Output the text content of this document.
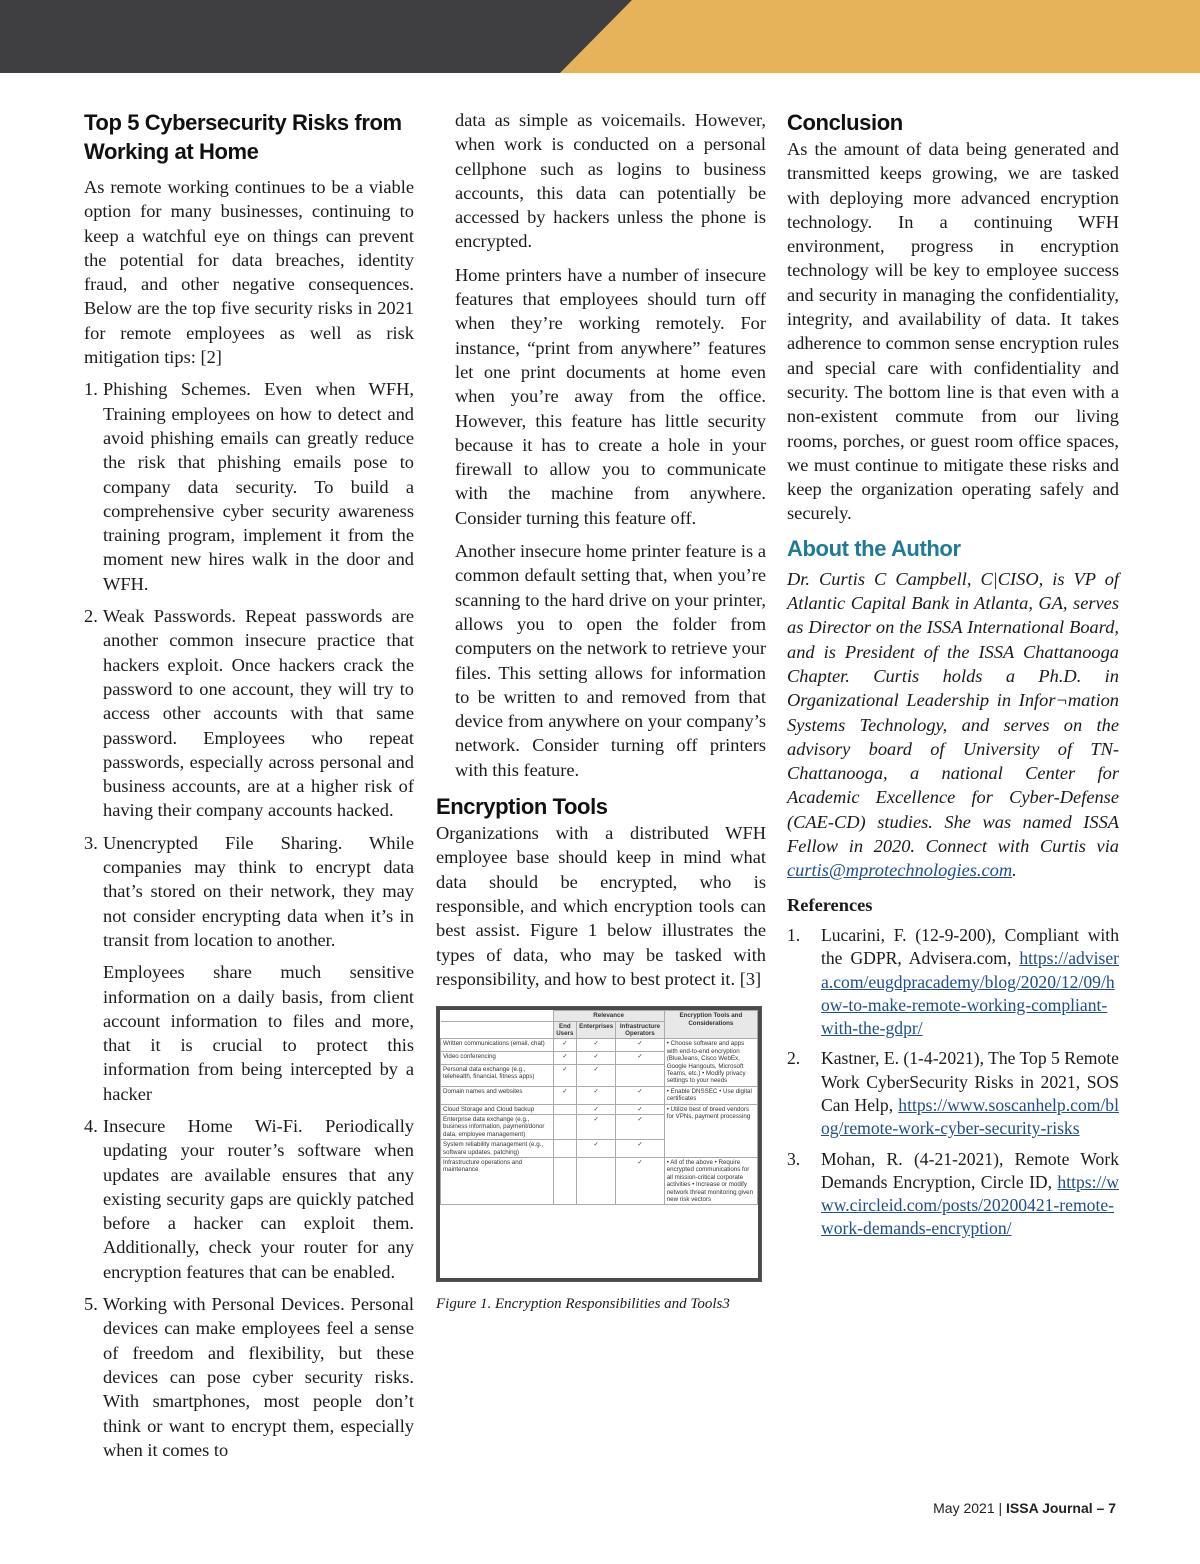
Top 5 Cybersecurity Risks from Working at Home

As remote working continues to be a viable option for many businesses, continuing to keep a watchful eye on things can prevent the potential for data breaches, identity fraud, and other negative consequences. Below are the top five security risks in 2021 for remote employees as well as risk mitigation tips: [2]

1. Phishing Schemes. Even when WFH, Training employees on how to detect and avoid phishing emails can greatly reduce the risk that phishing emails pose to company data security. To build a comprehensive cyber security awareness training program, implement it from the moment new hires walk in the door and WFH.
2. Weak Passwords. Repeat passwords are another common insecure practice that hackers exploit. Once hackers crack the password to one account, they will try to access other accounts with that same password. Employees who repeat passwords, especially across personal and business accounts, are at a higher risk of having their company accounts hacked.
3. Unencrypted File Sharing. While companies may think to encrypt data that’s stored on their network, they may not consider encrypting data when it’s in transit from location to another.

Employees share much sensitive information on a daily basis, from client account information to files and more, that it is crucial to protect this information from being intercepted by a hacker

4. Insecure Home Wi-Fi. Periodically updating your router’s software when updates are available ensures that any existing security gaps are quickly patched before a hacker can exploit them. Additionally, check your router for any encryption features that can be enabled.
5. Working with Personal Devices. Personal devices can make employees feel a sense of freedom and flexibility, but these devices can pose cyber security risks. With smartphones, most people don’t think or want to encrypt them, especially when it comes to

data as simple as voicemails. However, when work is conducted on a personal cellphone such as logins to business accounts, this data can potentially be accessed by hackers unless the phone is encrypted.

Home printers have a number of insecure features that employees should turn off when they’re working remotely. For instance, “print from anywhere” features let one print documents at home even when you’re away from the office. However, this feature has little security because it has to create a hole in your firewall to allow you to communicate with the machine from anywhere. Consider turning this feature off.

Another insecure home printer feature is a common default setting that, when you’re scanning to the hard drive on your printer, allows you to open the folder from computers on the network to retrieve your files. This setting allows for information to be written to and removed from that device from anywhere on your company’s network. Consider turning off printers with this feature.

Encryption Tools

Organizations with a distributed WFH employee base should keep in mind what data should be encrypted, who is responsible, and which encryption tools can best assist. Figure 1 below illustrates the types of data, who may be tasked with responsibility, and how to best protect it. [3]

	Relevance			Encryption Tools and Considerations
	End Users	Enterprises	Infrastructure Operators	
Written communications (email, chat)	✓	✓	✓	• Choose software and apps with end-to-end encryption (BlueJeans, Cisco WebEx, Google Hangouts, Microsoft Teams, etc.) • Modify privacy settings to your needs
Video conferencing	✓	✓	✓	
Personal data exchange (e.g., telehealth, financial, fitness apps)	✓	✓		
Domain names and websites	✓	✓	✓	• Enable DNSSEC • Use digital certificates
Cloud Storage and Cloud backup		✓	✓	• Utilize best of breed vendors for VPNs, payment processing
Enterprise data exchange (e.g., business information, payment/donor data, employee management)		✓	✓	
System reliability management (e.g., software updates, patching)		✓	✓	
Infrastructure operations and maintenance			✓	• All of the above • Require encrypted communications for all mission-critical corporate activities • Increase or modify network threat monitoring given new risk vectors
Figure 1. Encryption Responsibilities and Tools3
Conclusion

As the amount of data being generated and transmitted keeps growing, we are tasked with deploying more advanced encryption technology. In a continuing WFH environment, progress in encryption technology will be key to employee success and security in managing the confidentiality, integrity, and availability of data. It takes adherence to common sense encryption rules and special care with confidentiality and security. The bottom line is that even with a non-existent commute from our living rooms, porches, or guest room office spaces, we must continue to mitigate these risks and keep the organization operating safely and securely.

About the Author

Dr. Curtis C Campbell, C|CISO, is VP of Atlantic Capital Bank in Atlanta, GA, serves as Director on the ISSA International Board, and is President of the ISSA Chattanooga Chapter. Curtis holds a Ph.D. in Organizational Leadership in Infor¬mation Systems Technology, and serves on the advisory board of University of TN-Chattanooga, a national Center for Academic Excellence for Cyber-Defense (CAE-CD) studies. She was named ISSA Fellow in 2020. Connect with Curtis via curtis@mprotechnologies.com.

References
1. Lucarini, F. (12-9-200), Compliant with the GDPR, Advisera.com, https://advisera.com/eugdpracademy/blog/2020/12/09/how-to-make-remote-working-compliant-with-the-gdpr/
2. Kastner, E. (1-4-2021), The Top 5 Remote Work CyberSecurity Risks in 2021, SOS Can Help, https://www.soscanhelp.com/blog/remote-work-cyber-security-risks
3. Mohan, R. (4-21-2021), Remote Work Demands Encryption, Circle ID, https://www.circleid.com/posts/20200421-remote-work-demands-encryption/
May 2021 | ISSA Journal – 7
